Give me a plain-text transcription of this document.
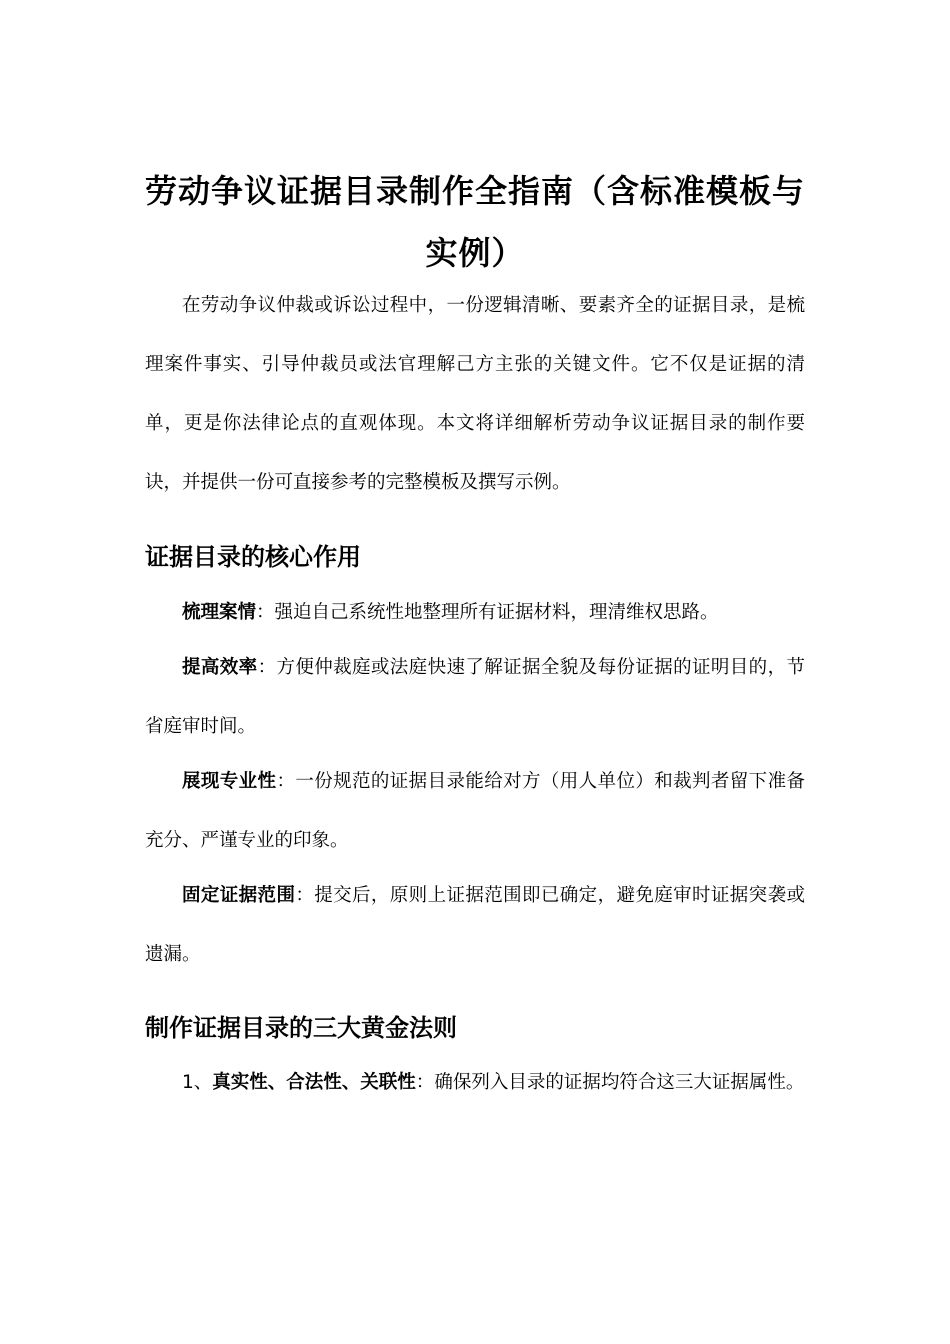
劳动争议证据目录制作全指南（含标准模板与实例）

在劳动争议仲裁或诉讼过程中，一份逻辑清晰、要素齐全的证据目录，是梳理案件事实、引导仲裁员或法官理解己方主张的关键文件。它不仅是证据的清单，更是你法律论点的直观体现。本文将详细解析劳动争议证据目录的制作要诀，并提供一份可直接参考的完整模板及撰写示例。

证据目录的核心作用

梳理案情：强迫自己系统性地整理所有证据材料，理清维权思路。

提高效率：方便仲裁庭或法庭快速了解证据全貌及每份证据的证明目的，节省庭审时间。

展现专业性：一份规范的证据目录能给对方（用人单位）和裁判者留下准备充分、严谨专业的印象。

固定证据范围：提交后，原则上证据范围即已确定，避免庭审时证据突袭或遗漏。

制作证据目录的三大黄金法则

1、真实性、合法性、关联性：确保列入目录的证据均符合这三大证据属性。
